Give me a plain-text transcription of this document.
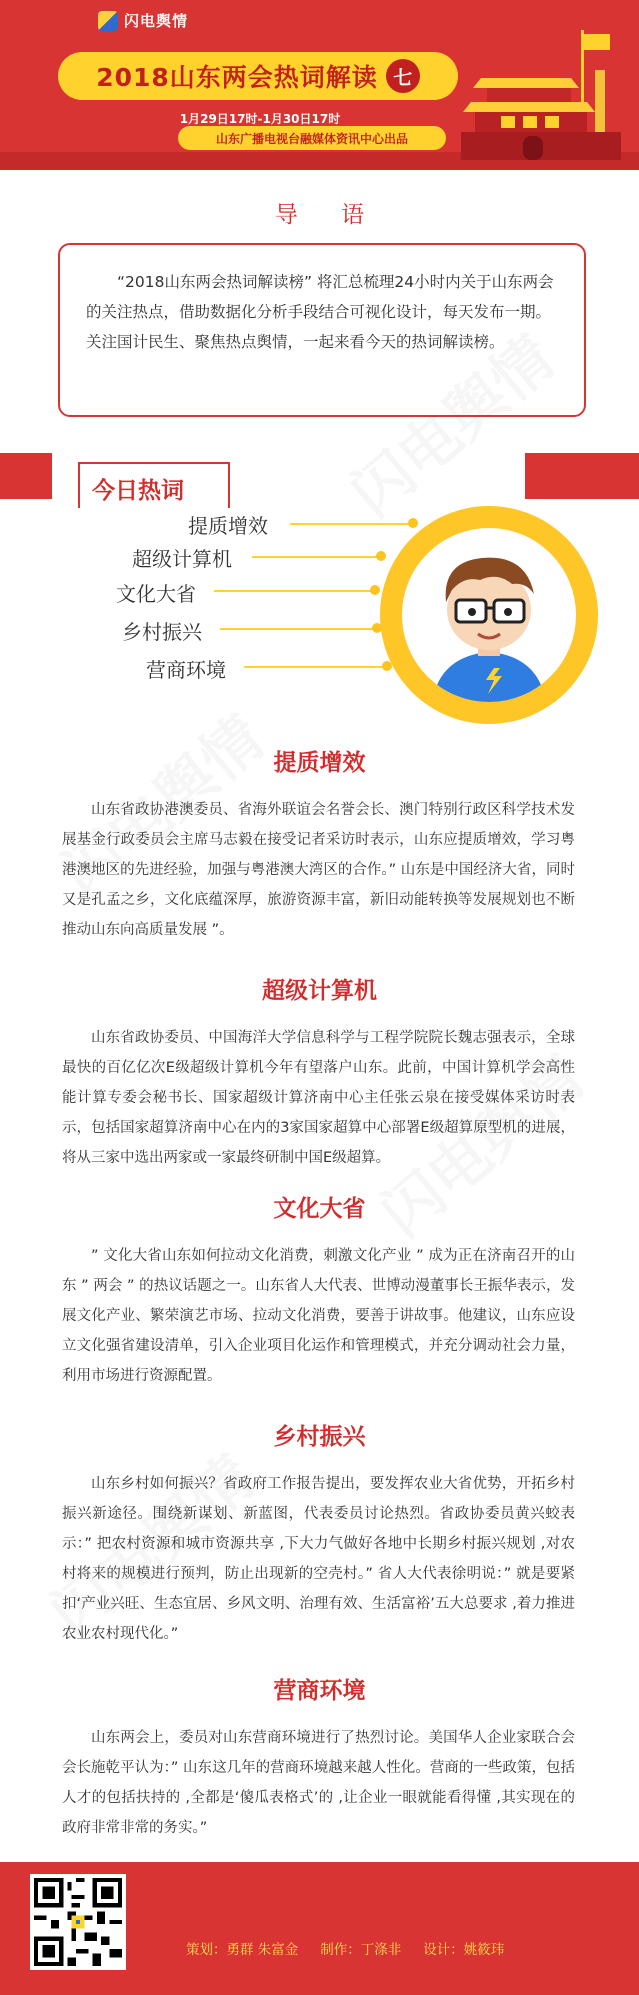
闪电舆情
2018山东两会热词解读 七
1月29日17时-1月30日17时
山东广播电视台融媒体资讯中心出品
导 语

“2018山东两会热词解读榜” 将汇总梳理24小时内关于山东两会的关注热点，借助数据化分析手段结合可视化设计，每天发布一期。关注国计民生、聚焦热点舆情，一起来看今天的热词解读榜。

今日热词
提质增效
超级计算机
文化大省
乡村振兴
营商环境
提质增效

山东省政协港澳委员、省海外联谊会名誉会长、澳门特别行政区科学技术发展基金行政委员会主席马志毅在接受记者采访时表示，山东应提质增效，学习粤港澳地区的先进经验，加强与粤港澳大湾区的合作。” 山东是中国经济大省，同时又是孔孟之乡，文化底蕴深厚，旅游资源丰富，新旧动能转换等发展规划也不断推动山东向高质量发展 ”。

超级计算机

山东省政协委员、中国海洋大学信息科学与工程学院院长魏志强表示，全球最快的百亿亿次E级超级计算机今年有望落户山东。此前，中国计算机学会高性能计算专委会秘书长、国家超级计算济南中心主任张云泉在接受媒体采访时表示，包括国家超算济南中心在内的3家国家超算中心部署E级超算原型机的进展，将从三家中选出两家或一家最终研制中国E级超算。

文化大省

” 文化大省山东如何拉动文化消费，刺激文化产业 ” 成为正在济南召开的山东 ” 两会 ” 的热议话题之一。山东省人大代表、世博动漫董事长王振华表示，发展文化产业、繁荣演艺市场、拉动文化消费，要善于讲故事。他建议，山东应设立文化强省建设清单，引入企业项目化运作和管理模式，并充分调动社会力量，利用市场进行资源配置。

乡村振兴

山东乡村如何振兴？省政府工作报告提出，要发挥农业大省优势，开拓乡村振兴新途径。围绕新谋划、新蓝图，代表委员讨论热烈。省政协委员黄兴蛟表示：” 把农村资源和城市资源共享 ,下大力气做好各地中长期乡村振兴规划 ,对农村将来的规模进行预判，防止出现新的空壳村。” 省人大代表徐明说：” 就是要紧扣‘产业兴旺、生态宜居、乡风文明、治理有效、生活富裕’五大总要求 ,着力推进农业农村现代化。”

营商环境

山东两会上，委员对山东营商环境进行了热烈讨论。美国华人企业家联合会会长施乾平认为：” 山东这几年的营商环境越来越人性化。营商的一些政策，包括人才的包括扶持的 ,全都是‘傻瓜表格式’的 ,让企业一眼就能看得懂 ,其实现在的政府非常非常的务实。”

策划：勇群 朱富金 制作：丁涤非 设计：姚筱玮
